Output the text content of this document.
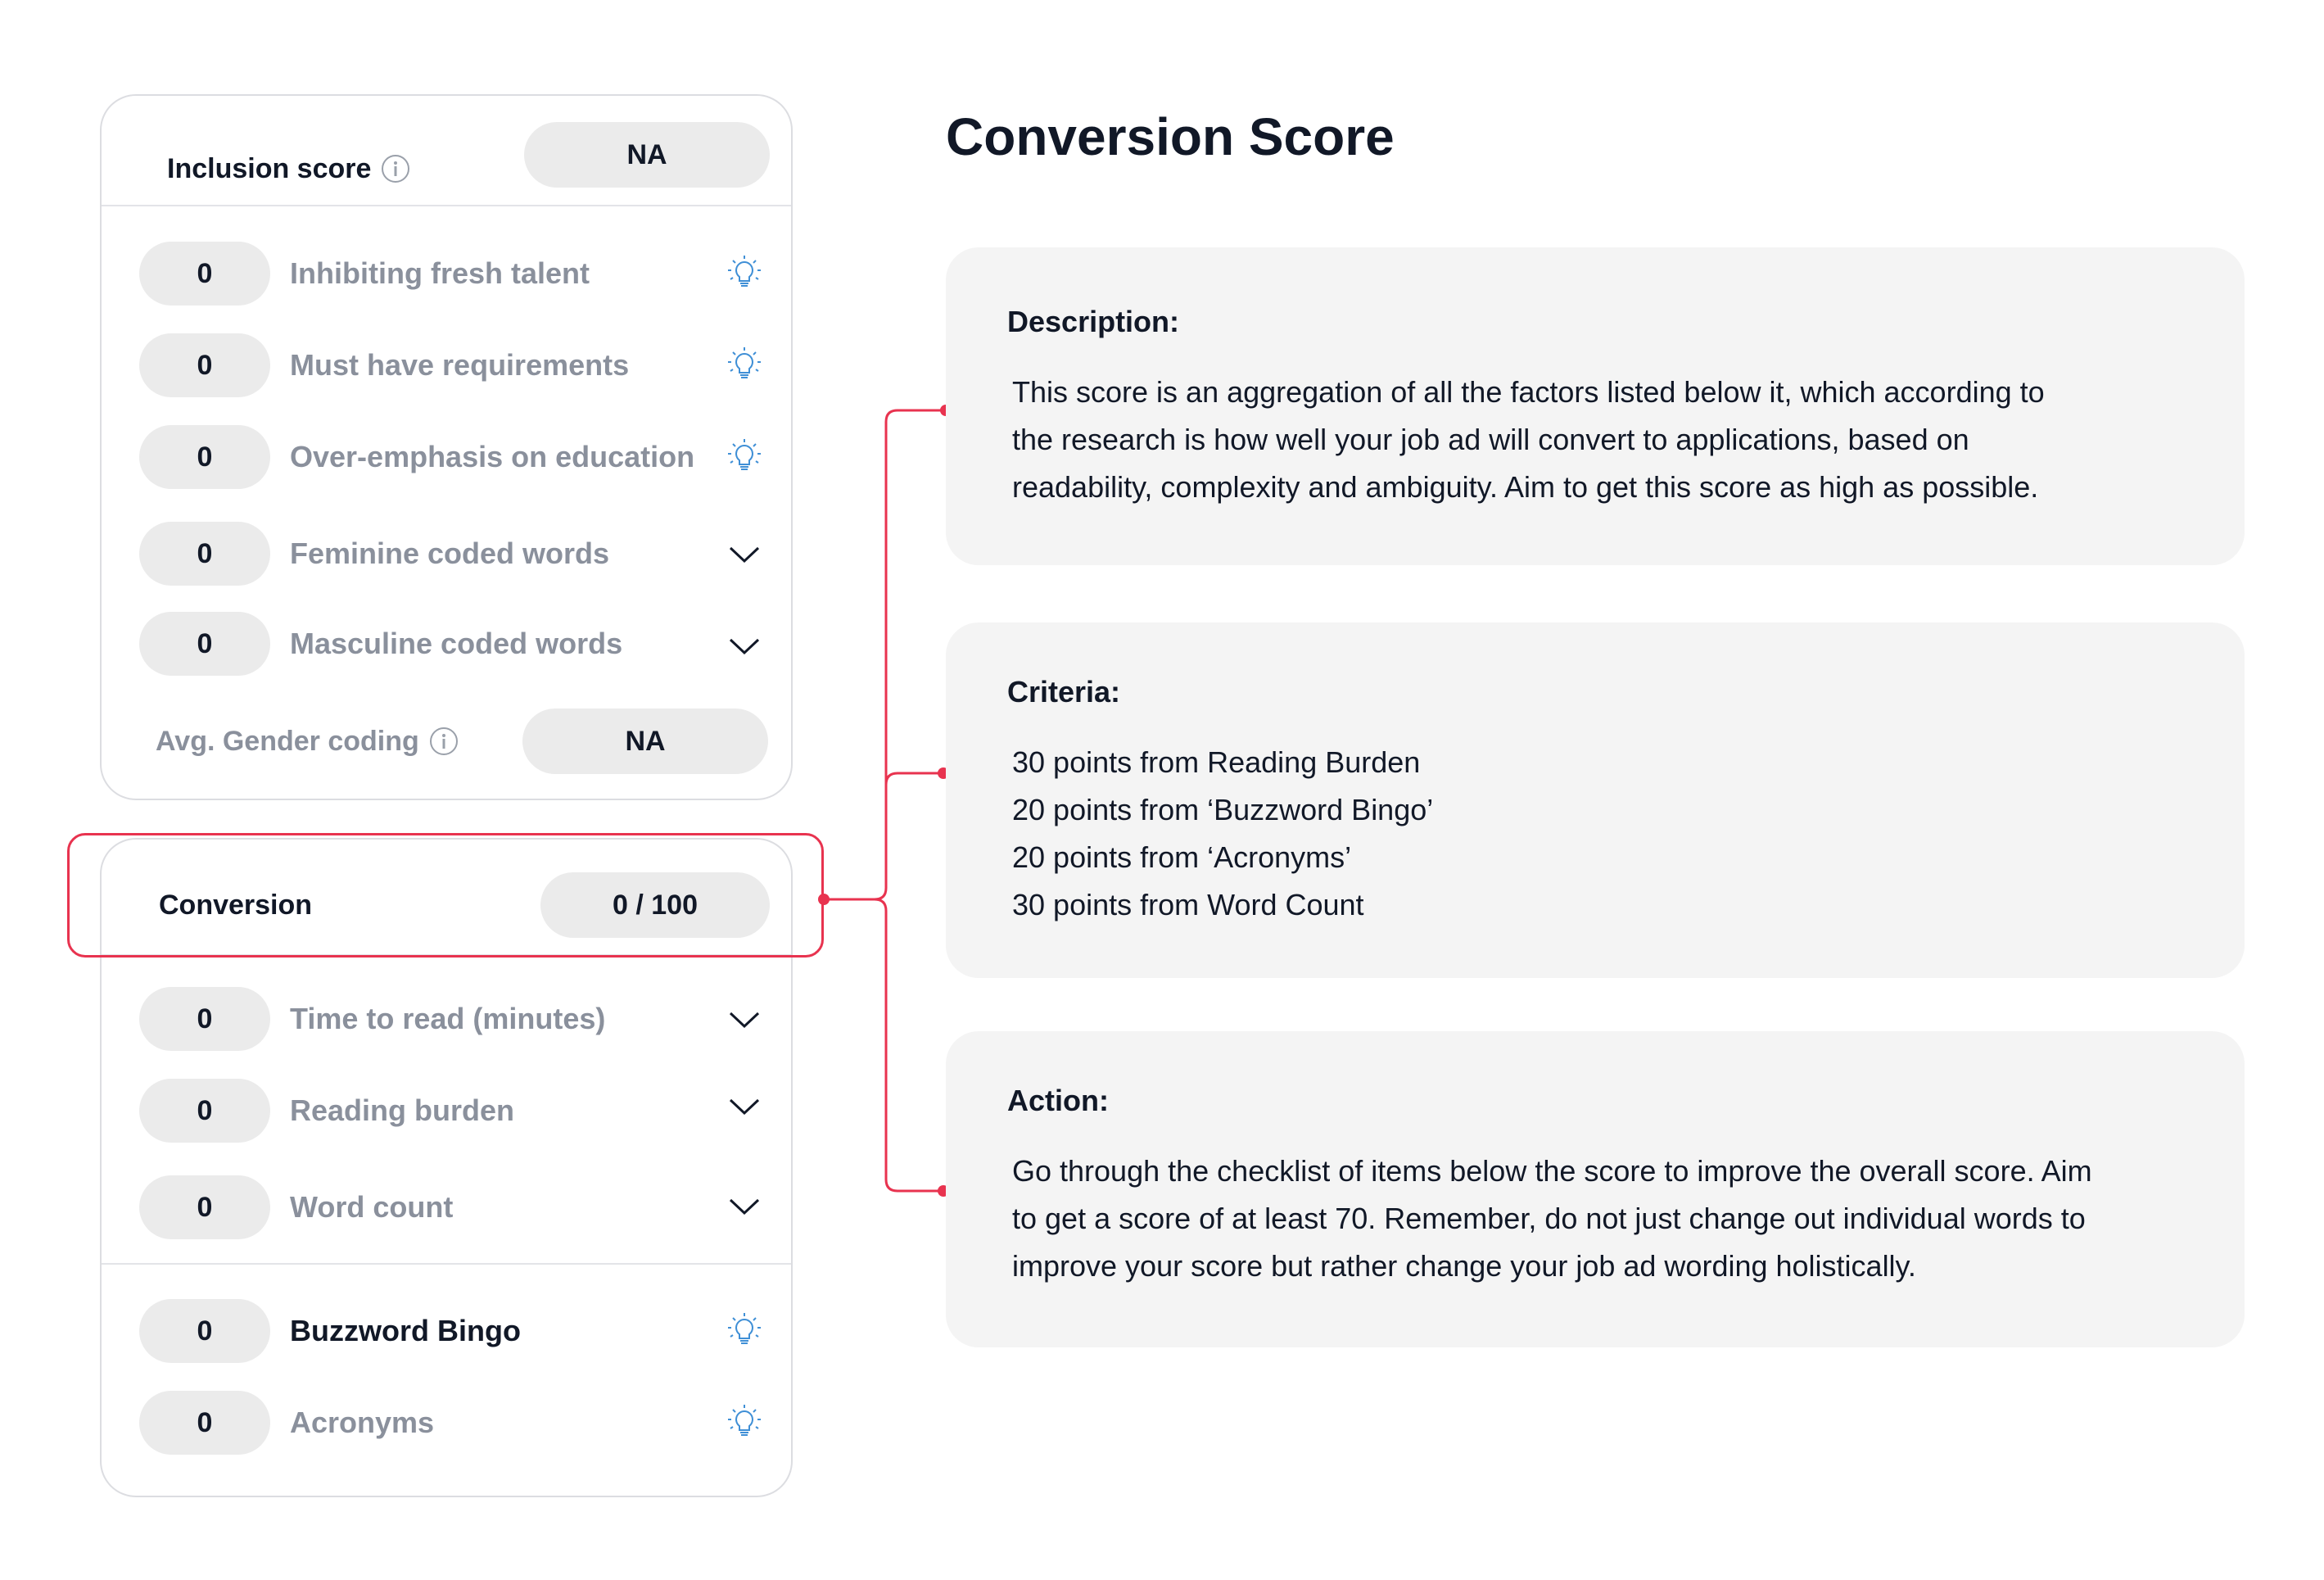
Inclusion score	NA
0	Inhibiting fresh talent
0	Must have requirements
0	Over-emphasis on education
0	Feminine coded words
0	Masculine coded words
Avg. Gender coding	NA
Conversion	0 / 100
0	Time to read (minutes)
0	Reading burden
0	Word count
0	Buzzword Bingo
0	Acronyms
Conversion Score
Description:
This score is an aggregation of all the factors listed below it, which according to
the research is how well your job ad will convert to applications, based on
readability, complexity and ambiguity. Aim to get this score as high as possible.
Criteria:
30 points from Reading Burden
20 points from ‘Buzzword Bingo’
20 points from ‘Acronyms’
30 points from Word Count
Action:
Go through the checklist of items below the score to improve the overall score. Aim
to get a score of at least 70. Remember, do not just change out individual words to
improve your score but rather change your job ad wording holistically.
